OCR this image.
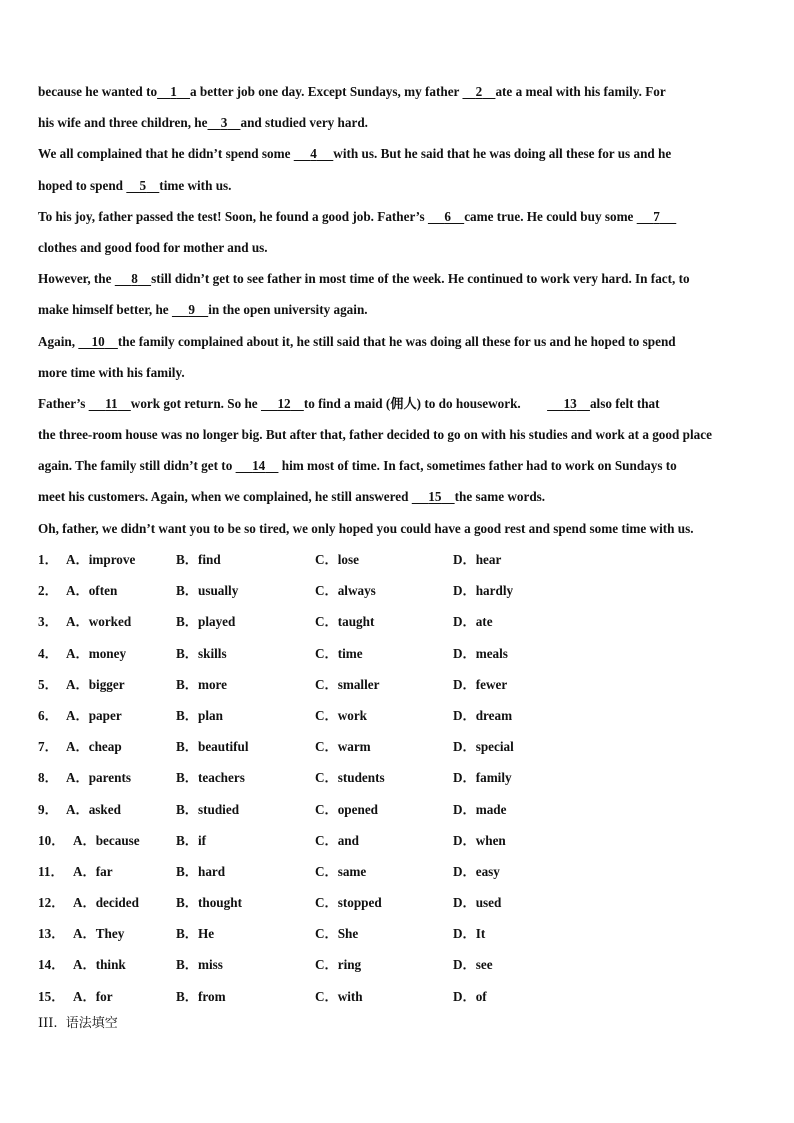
because he wanted to 1 a better job one day. Except Sundays, my father     2 ate a meal with his family. For
his wife and three children, he 3 and studied very hard.
We all complained that he didn’t spend some      4 with us. But he said that he was doing all these for us and he
hoped to spend     5 time with us.
To his joy, father passed the test! Soon, he found a good job. Father’s      6 came true. He could buy some      7
clothes and good food for mother and us.
However, the      8 still didn’t get to see father in most time of the week. He continued to work very hard. In fact, to
make himself better, he      9 in the open university again.
Again,     10 the family complained about it, he still said that he was doing all these for us and he hoped to spend
more time with his family.
Father’s      11 work got return. So he      12 to find a maid (佣人) to do housework.             13 also felt that
the three-room house was no longer big. But after that, father decided to go on with his studies and work at a good place
again. The family still didn’t get to      14     him most of time. In fact, sometimes father had to work on Sundays to
meet his customers. Again, when we complained, he still answered      15 the same words.
Oh, father, we didn’t want you to be so tired, we only hoped you could have a good rest and spend some time with us.
1． A．improve	B．find	C．lose	D．hear
2． A．often	B．usually	C．always	D．hardly
3． A．worked	B．played	C．taught	D．ate
4． A．money	B．skills	C．time	D．meals
5． A．bigger	B．more	C．smaller	D．fewer
6． A．paper	B．plan	C．work	D．dream
7． A．cheap	B．beautiful	C．warm	D．special
8． A．parents	B．teachers	C．students	D．family
9． A．asked	B．studied	C．opened	D．made
10． A．because	B．if	C．and	D．when
11． A．far	B．hard	C．same	D．easy
12． A．decided	B．thought	C．stopped	D．used
13． A．They	B．He	C．She	D．It
14． A．think	B．miss	C．ring	D．see
15． A．for	B．from	C．with	D．of
III.  语法填空
